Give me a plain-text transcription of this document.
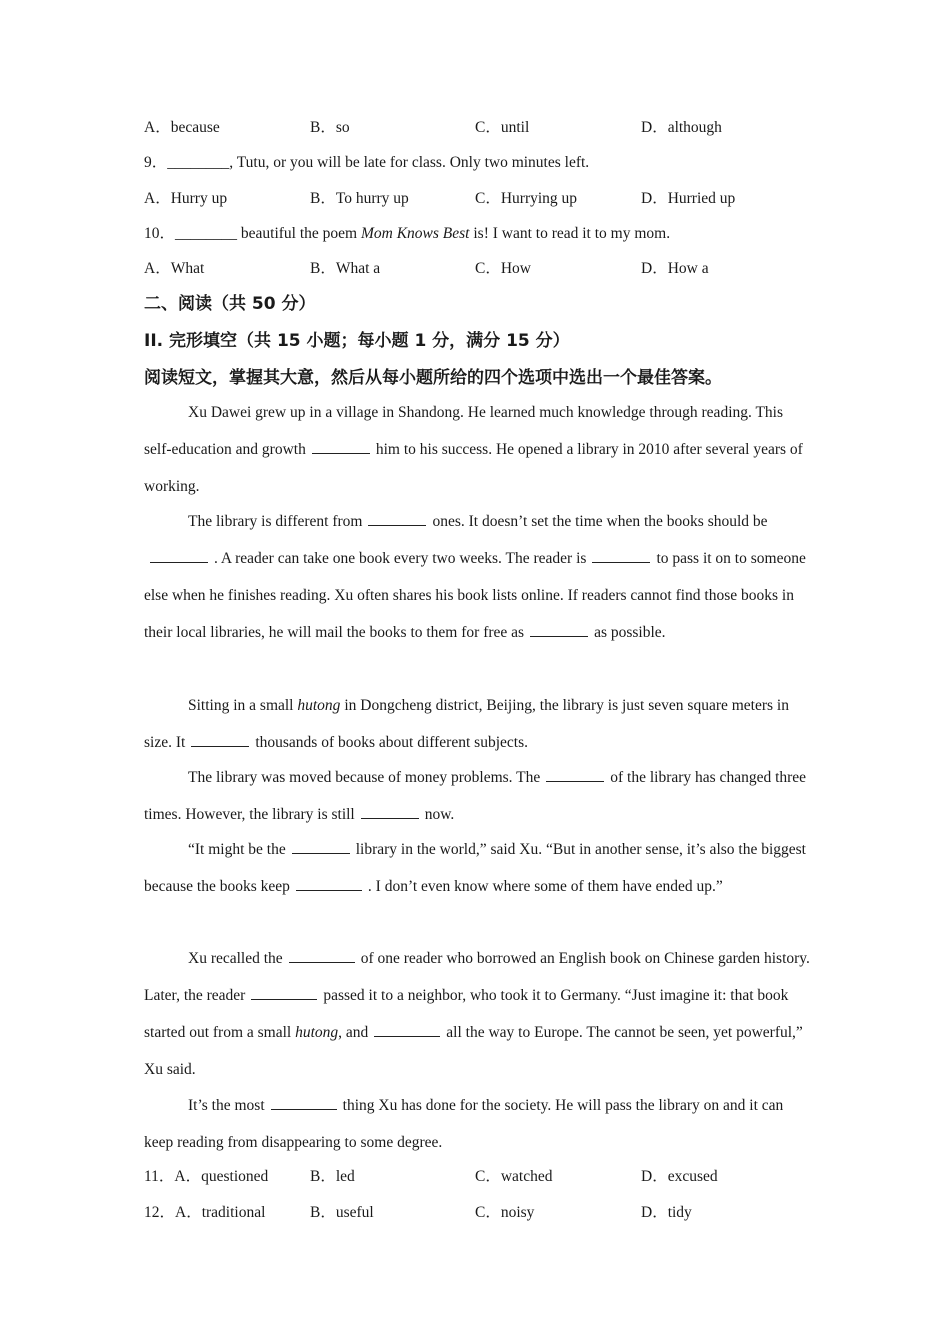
A．because	B．so	C．until	D．although
9．________, Tutu, or you will be late for class. Only two minutes left.
A．Hurry up	B．To hurry up	C．Hurrying up	D．Hurried up
10．________ beautiful the poem Mom Knows Best is! I want to read it to my mom.
A．What	B．What a	C．How	D．How a
二、阅读（共 50 分）
II. 完形填空（共 15 小题；每小题 1 分，满分 15 分）
阅读短文，掌握其大意，然后从每小题所给的四个选项中选出一个最佳答案。
Xu Dawei grew up in a village in Shandong. He learned much knowledge through reading. This self-education and growth	him to his success. He opened a library in 2010 after several years of working.
The library is different from	ones. It doesn’t set the time when the books should be. A reader can take one book every two weeks. The reader is	to pass it on to someone else when he finishes reading. Xu often shares his book lists online. If readers cannot find those books in their local libraries, he will mail the books to them for free as	as possible.
Sitting in a small hutong in Dongcheng district, Beijing, the library is just seven square meters in size. It	thousands of books about different subjects.
The library was moved because of money problems. The	of the library has changed three times. However, the library is still	now.
“It might be the	library in the world,” said Xu. “But in another sense, it’s also the biggest because the books keep	. I don’t even know where some of them have ended up.”
Xu recalled the	of one reader who borrowed an English book on Chinese garden history. Later, the reader	passed it to a neighbor, who took it to Germany. “Just imagine it: that book started out from a small hutong, and	all the way to Europe. The cannot be seen, yet powerful,” Xu said.
It’s the most	thing Xu has done for the society. He will pass the library on and it can keep reading from disappearing to some degree.
11．A．questioned	B．led	C．watched	D．excused
12．A．traditional	B．useful	C．noisy	D．tidy
